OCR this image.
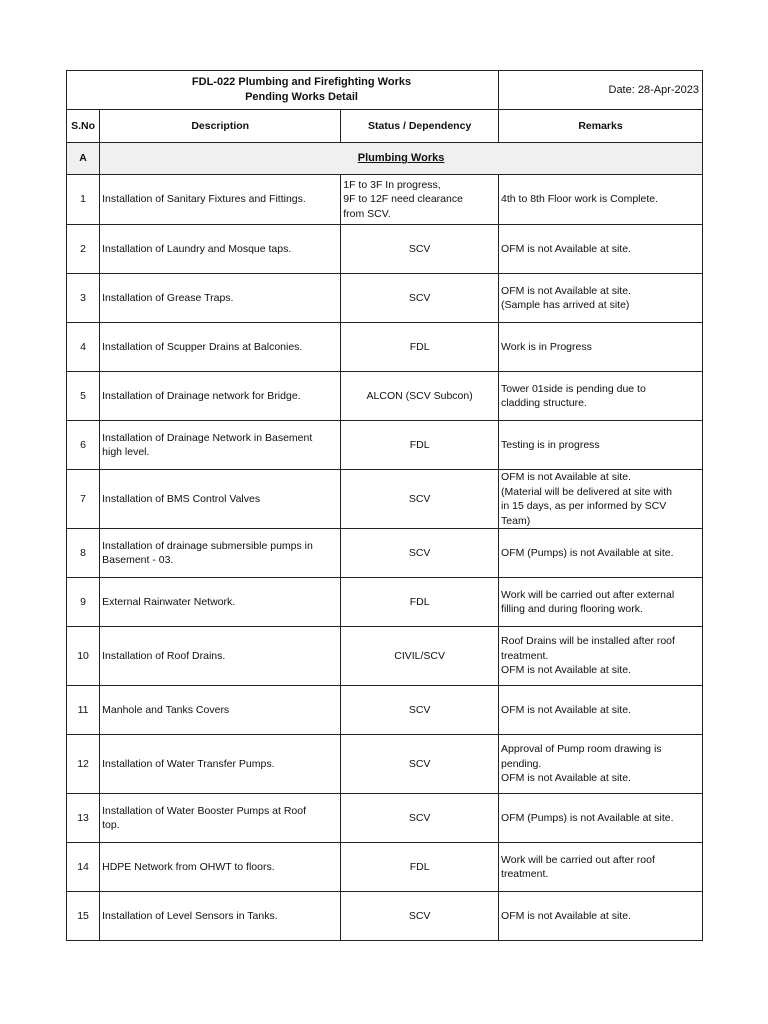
FDL-022 Plumbing and Firefighting Works
Pending Works Detail			Date: 28-Apr-2023
S.No	Description	Status / Dependency	Remarks
A	Plumbing Works		

1	Installation of Sanitary Fixtures and Fittings.	1F to 3F In progress,
9F to 12F need clearance
from SCV.	4th to 8th Floor work is Complete.

2	Installation of Laundry and Mosque taps.	SCV	OFM is not Available at site.

3	Installation of Grease Traps.	SCV	OFM is not Available at site.
(Sample has arrived at site)

4	Installation of Scupper Drains at Balconies.	FDL	Work is in Progress

5	Installation of Drainage network for Bridge.	ALCON (SCV Subcon)	Tower 01side is pending due to
cladding structure.

6	Installation of Drainage Network in Basement
high level.	FDL	Testing is in progress

7	Installation of BMS Control Valves	SCV	OFM is not Available at site.
(Material will be delivered at site with
in 15 days, as per informed by SCV
Team)

8	Installation of drainage submersible pumps in
Basement - 03.	SCV	OFM (Pumps) is not Available at site.

9	External Rainwater Network.	FDL	Work will be carried out after external
filling and during flooring work.

10	Installation of Roof Drains.	CIVIL/SCV	Roof Drains will be installed after roof
treatment.
OFM is not Available at site.

11	Manhole and Tanks Covers	SCV	OFM is not Available at site.

12	Installation of Water Transfer Pumps.	SCV	Approval of Pump room drawing is
pending.
OFM is not Available at site.

13	Installation of Water Booster Pumps at Roof
top.	SCV	OFM (Pumps) is not Available at site.

14	HDPE Network from OHWT to floors.	FDL	Work will be carried out after roof
treatment.

15	Installation of Level Sensors in Tanks.	SCV	OFM is not Available at site.
